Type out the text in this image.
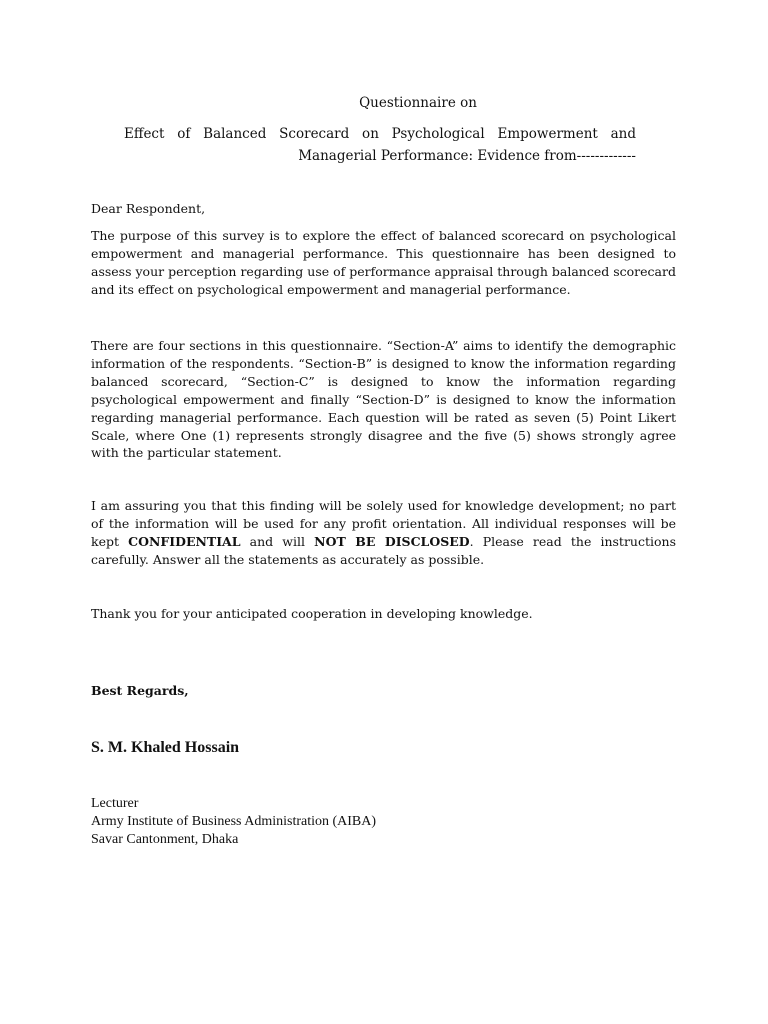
Questionnaire on
Effect of Balanced Scorecard on Psychological Empowerment and Managerial Performance: Evidence from-------------
Dear Respondent,

The purpose of this survey is to explore the effect of balanced scorecard on psychological empowerment and managerial performance. This questionnaire has been designed to assess your perception regarding use of performance appraisal through balanced scorecard and its effect on psychological empowerment and managerial performance.

There are four sections in this questionnaire. “Section-A” aims to identify the demographic information of the respondents. “Section-B” is designed to know the information regarding balanced scorecard, “Section-C” is designed to know the information regarding psychological empowerment and finally “Section-D” is designed to know the information regarding managerial performance. Each question will be rated as seven (5) Point Likert Scale, where One (1) represents strongly disagree and the five (5) shows strongly agree with the particular statement.

I am assuring you that this finding will be solely used for knowledge development; no part of the information will be used for any profit orientation. All individual responses will be kept CONFIDENTIAL and will NOT BE DISCLOSED. Please read the instructions carefully. Answer all the statements as accurately as possible.

Thank you for your anticipated cooperation in developing knowledge.

Best Regards,
S. M. Khaled Hossain
Lecturer
Army Institute of Business Administration (AIBA)
Savar Cantonment, Dhaka
